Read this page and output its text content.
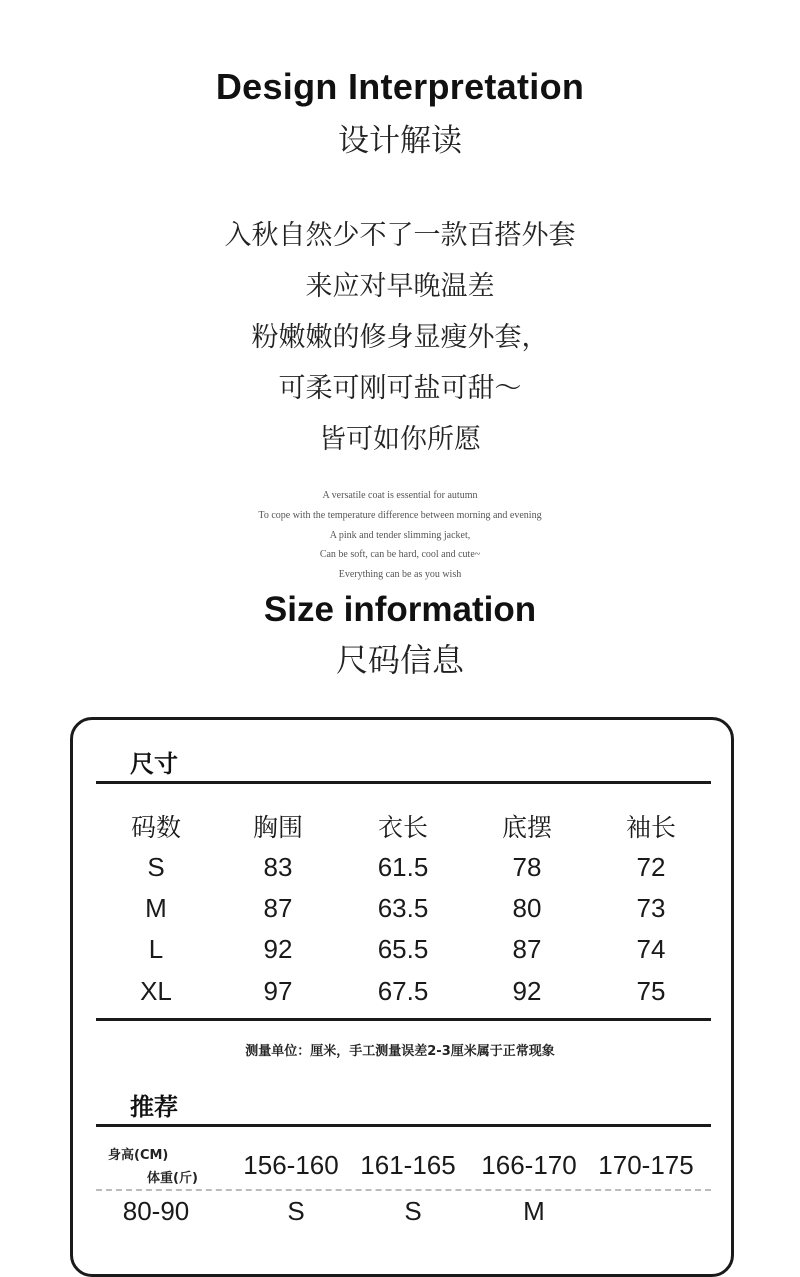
Design Interpretation
设计解读
入秋自然少不了一款百搭外套
来应对早晚温差
粉嫩嫩的修身显瘦外套，
可柔可刚可盐可甜～
皆可如你所愿
A versatile coat is essential for autumn
To cope with the temperature difference between morning and evening
A pink and tender slimming jacket,
Can be soft, can be hard, cool and cute~
Everything can be as you wish
Size information
尺码信息
尺寸
码数	胸围	衣长	底摆	袖长
S	83	61.5	78	72
M	87	63.5	80	73
L	92	65.5	87	74
XL	97	67.5	92	75
测量单位：厘米，手工测量误差2-3厘米属于正常现象
推荐
身高(CM)
体重(斤)	156-160 161-165 166-170 170-175
80-90	S	S	M
